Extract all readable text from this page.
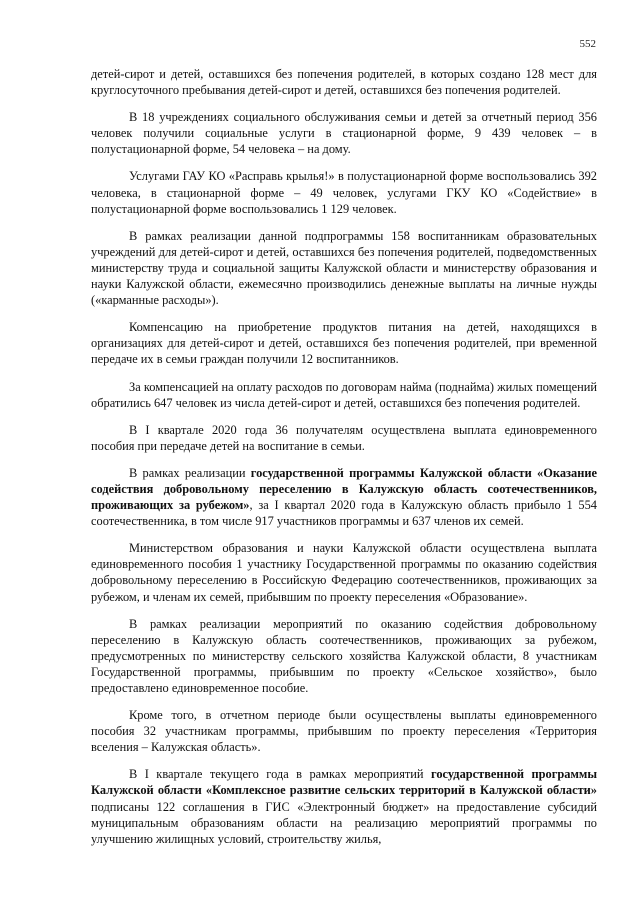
552

детей-сирот и детей, оставшихся без попечения родителей, в которых создано 128 мест для круглосуточного пребывания детей-сирот и детей, оставшихся без попечения родителей.

В 18 учреждениях социального обслуживания семьи и детей за отчетный период 356 человек получили социальные услуги в стационарной форме, 9 439 человек – в полустационарной форме, 54 человека – на дому.

Услугами ГАУ КО «Расправь крылья!» в полустационарной форме воспользовались 392 человека, в стационарной форме – 49 человек, услугами ГКУ КО «Содействие» в полустационарной форме воспользовались 1 129 человек.

В рамках реализации данной подпрограммы 158 воспитанникам образовательных учреждений для детей-сирот и детей, оставшихся без попечения родителей, подведомственных министерству труда и социальной защиты Калужской области и министерству образования и науки Калужской области, ежемесячно производились денежные выплаты на личные нужды («карманные расходы»).

Компенсацию на приобретение продуктов питания на детей, находящихся в организациях для детей-сирот и детей, оставшихся без попечения родителей, при временной передаче их в семьи граждан получили 12 воспитанников.

За компенсацией на оплату расходов по договорам найма (поднайма) жилых помещений обратились 647 человек из числа детей-сирот и детей, оставшихся без попечения родителей.

В I квартале 2020 года 36 получателям осуществлена выплата единовременного пособия при передаче детей на воспитание в семьи.

В рамках реализации государственной программы Калужской области «Оказание содействия добровольному переселению в Калужскую область соотечественников, проживающих за рубежом», за I квартал 2020 года в Калужскую область прибыло 1 554 соотечественника, в том числе 917 участников программы и 637 членов их семей.

Министерством образования и науки Калужской области осуществлена выплата единовременного пособия 1 участнику Государственной программы по оказанию содействия добровольному переселению в Российскую Федерацию соотечественников, проживающих за рубежом, и членам их семей, прибывшим по проекту переселения «Образование».

В рамках реализации мероприятий по оказанию содействия добровольному переселению в Калужскую область соотечественников, проживающих за рубежом, предусмотренных по министерству сельского хозяйства Калужской области, 8 участникам Государственной программы, прибывшим по проекту «Сельское хозяйство», было предоставлено единовременное пособие.

Кроме того, в отчетном периоде были осуществлены выплаты единовременного пособия 32 участникам программы, прибывшим по проекту переселения «Территория вселения – Калужская область».

В I квартале текущего года в рамках мероприятий государственной программы Калужской области «Комплексное развитие сельских территорий в Калужской области» подписаны 122 соглашения в ГИС «Электронный бюджет» на предоставление субсидий муниципальным образованиям области на реализацию мероприятий программы по улучшению жилищных условий, строительству жилья,
